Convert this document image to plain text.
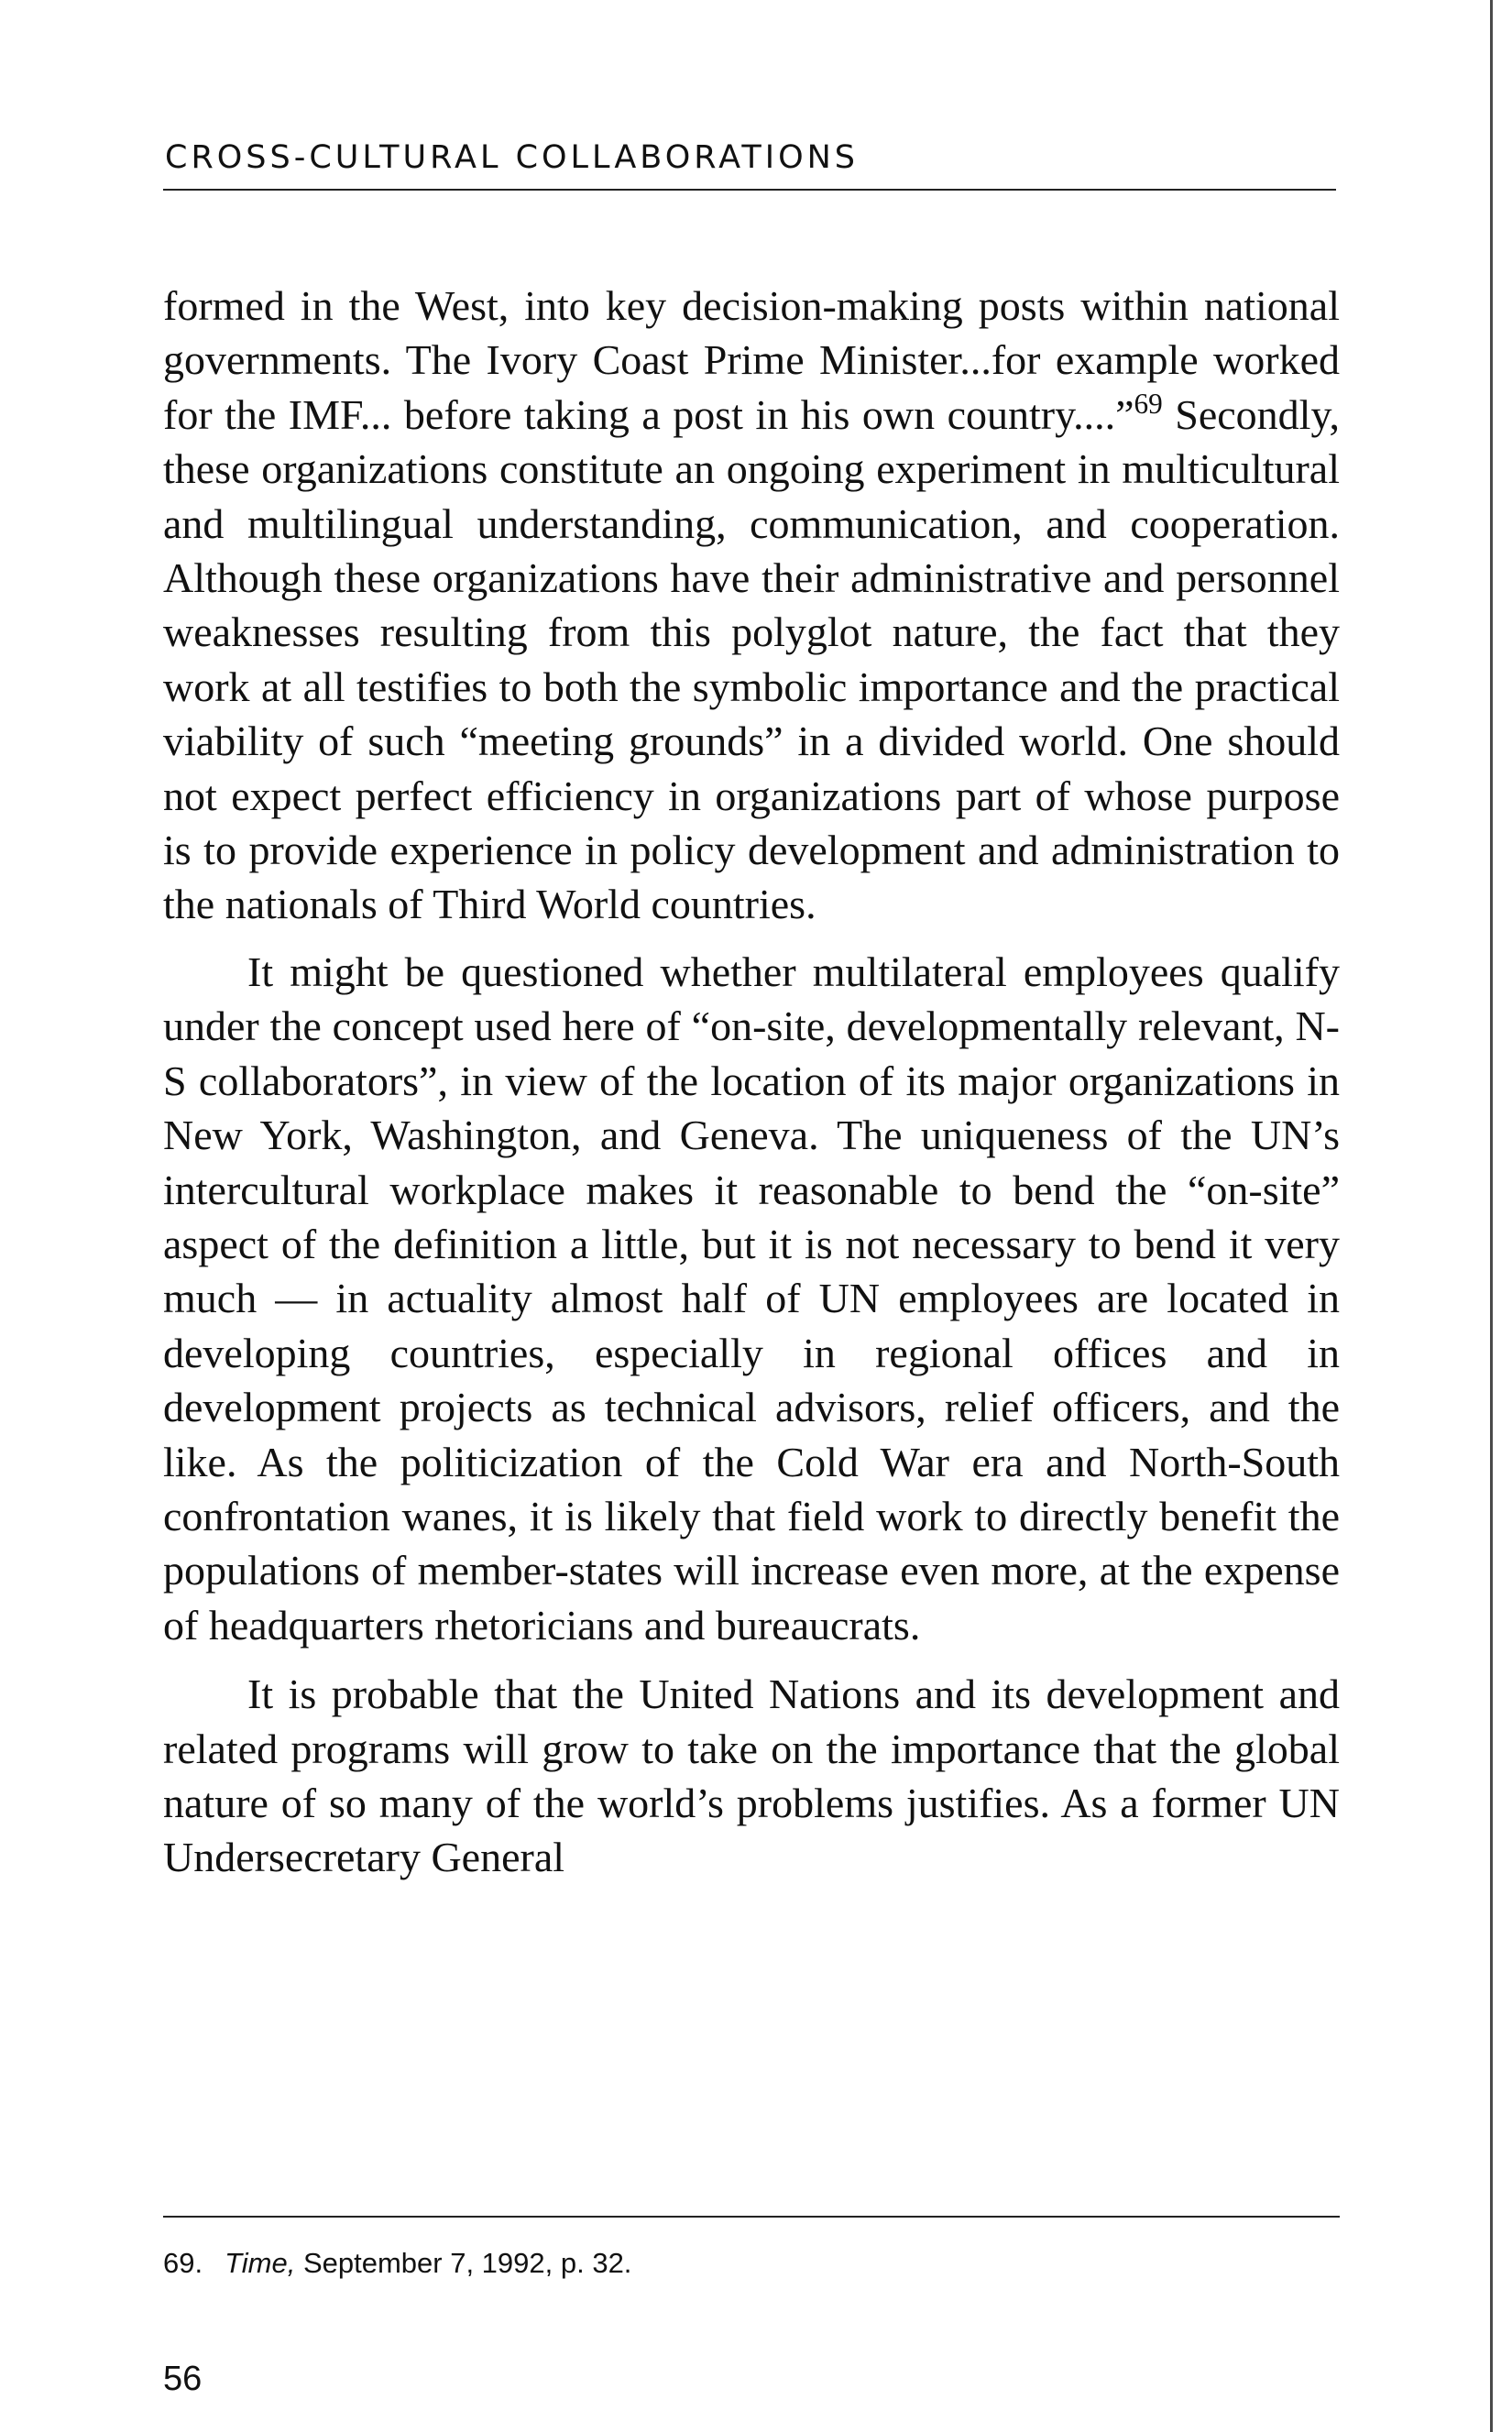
CROSS-CULTURAL COLLABORATIONS

formed in the West, into key decision-making posts within national governments. The Ivory Coast Prime Minister...for example worked for the IMF... before taking a post in his own country....”$^{69}$ Secondly, these organizations constitute an ongoing experiment in multicultural and multilingual understanding, communication, and cooperation. Although these organizations have their administrative and personnel weaknesses resulting from this polyglot nature, the fact that they work at all testifies to both the symbolic importance and the practical viability of such “meeting grounds” in a divided world. One should not expect perfect efficiency in organizations part of whose purpose is to provide experience in policy development and administration to the nationals of Third World countries.

It might be questioned whether multilateral employees qualify under the concept used here of “on-site, developmentally relevant, N-S collaborators”, in view of the location of its major organizations in New York, Washington, and Geneva. The uniqueness of the UN’s intercultural workplace makes it reasonable to bend the “on-site” aspect of the definition a little, but it is not necessary to bend it very much — in actuality almost half of UN employees are located in developing countries, especially in regional offices and in development projects as technical advisors, relief officers, and the like. As the politicization of the Cold War era and North-South confrontation wanes, it is likely that field work to directly benefit the populations of member-states will increase even more, at the expense of headquarters rhetoricians and bureaucrats.

It is probable that the United Nations and its development and related programs will grow to take on the importance that the global nature of so many of the world’s problems justifies. As a former UN Undersecretary General

69. Time, September 7, 1992, p. 32.
56
